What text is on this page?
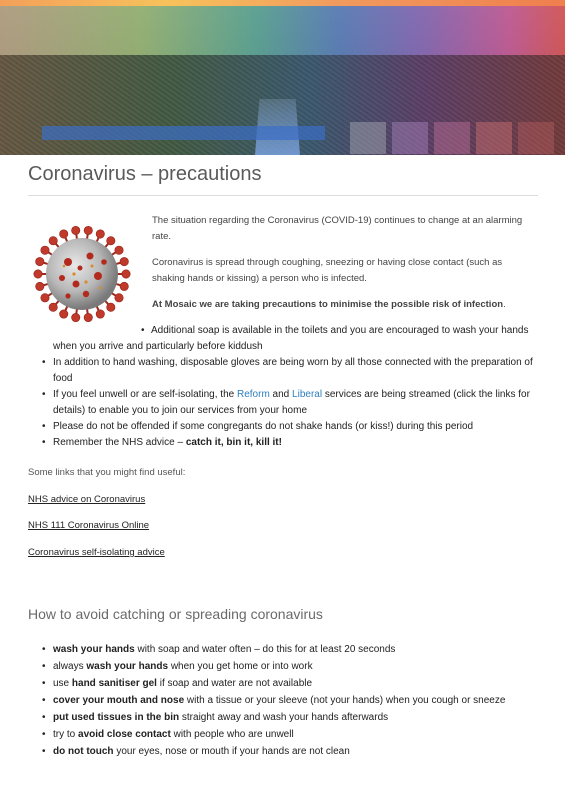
Coronavirus – precautions

The situation regarding the Coronavirus (COVID-19) continues to change at an alarming rate.

Coronavirus is spread through coughing, sneezing or having close contact (such as shaking hands or kissing) a person who is infected.

At Mosaic we are taking precautions to minimise the possible risk of infection.

• Additional soap is available in the toilets and you are encouraged to wash your hands
when you arrive and particularly before kiddush
• In addition to hand washing, disposable gloves are being worn by all those connected with the preparation of food
• If you feel unwell or are self-isolating, the Reform and Liberal services are being streamed (click the links for details) to enable you to join our services from your home
• Please do not be offended if some congregants do not shake hands (or kiss!) during this period
• Remember the NHS advice – catch it, bin it, kill it!

Some links that you might find useful:

NHS advice on Coronavirus
NHS 111 Coronavirus Online
Coronavirus self-isolating advice
How to avoid catching or spreading coronavirus
• wash your hands with soap and water often – do this for at least 20 seconds
• always wash your hands when you get home or into work
• use hand sanitiser gel if soap and water are not available
• cover your mouth and nose with a tissue or your sleeve (not your hands) when you cough or sneeze
• put used tissues in the bin straight away and wash your hands afterwards
• try to avoid close contact with people who are unwell
• do not touch your eyes, nose or mouth if your hands are not clean
